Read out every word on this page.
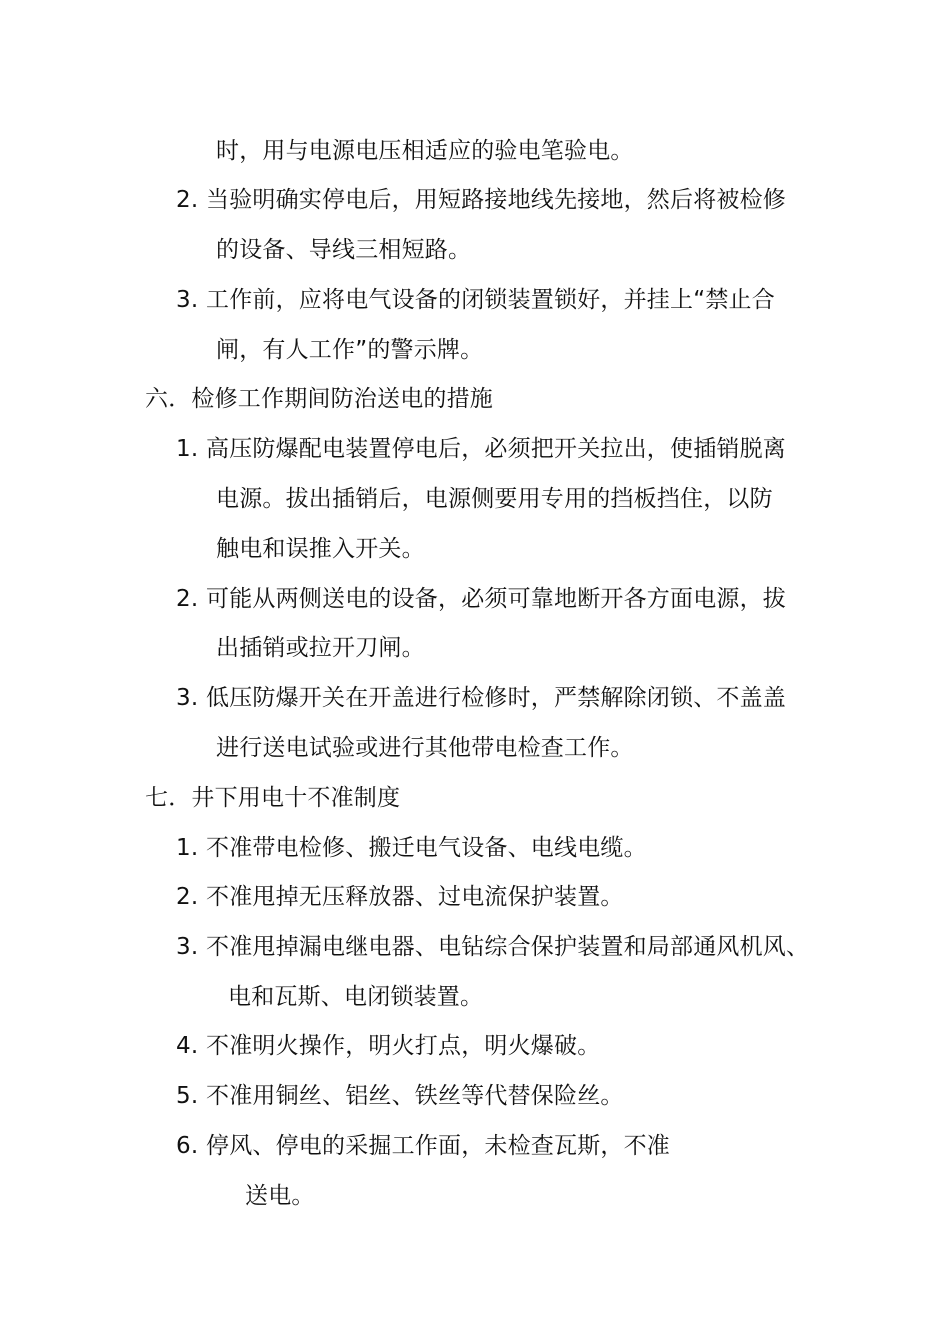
时，用与电源电压相适应的验电笔验电。
2. 当验明确实停电后，用短路接地线先接地，然后将被检修
的设备、导线三相短路。
3. 工作前，应将电气设备的闭锁装置锁好，并挂上“禁止合
闸，有人工作”的警示牌。
六．检修工作期间防治送电的措施
1. 高压防爆配电装置停电后，必须把开关拉出，使插销脱离
电源。拔出插销后，电源侧要用专用的挡板挡住，以防
触电和误推入开关。
2. 可能从两侧送电的设备，必须可靠地断开各方面电源，拔
出插销或拉开刀闸。
3. 低压防爆开关在开盖进行检修时，严禁解除闭锁、不盖盖
进行送电试验或进行其他带电检查工作。
七．井下用电十不准制度
1. 不准带电检修、搬迁电气设备、电线电缆。
2. 不准甩掉无压释放器、过电流保护装置。
3. 不准甩掉漏电继电器、电钻综合保护装置和局部通风机风、
电和瓦斯、电闭锁装置。
4. 不准明火操作，明火打点，明火爆破。
5. 不准用铜丝、铝丝、铁丝等代替保险丝。
6. 停风、停电的采掘工作面，未检查瓦斯，不准
送电。
